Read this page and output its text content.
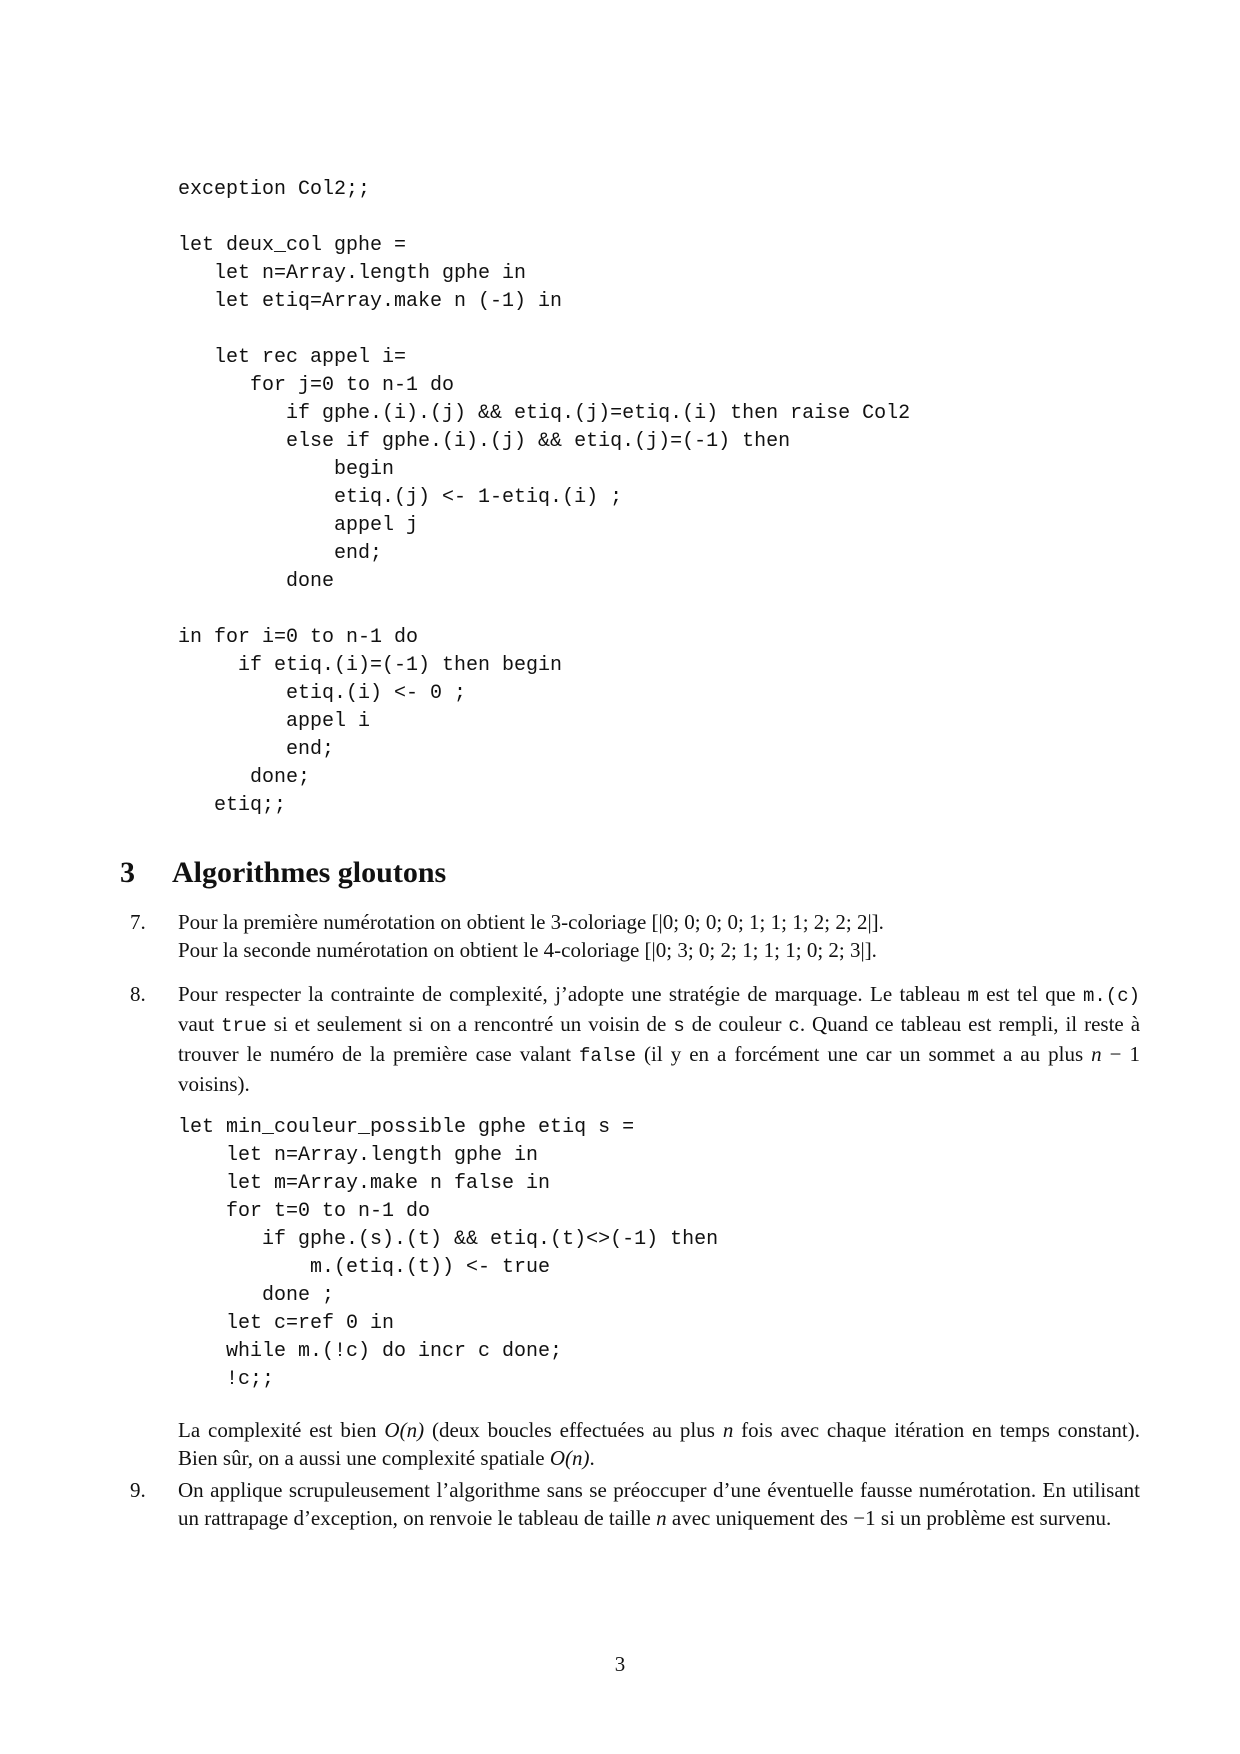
exception Col2;;

let deux_col gphe =
let n=Array.length gphe in
let etiq=Array.make n (-1) in

let rec appel i=
for j=0 to n-1 do
if gphe.(i).(j) && etiq.(j)=etiq.(i) then raise Col2
else if gphe.(i).(j) && etiq.(j)=(-1) then
begin
etiq.(j) <- 1-etiq.(i) ;
appel j
end;
done

in for i=0 to n-1 do
if etiq.(i)=(-1) then begin
etiq.(i) <- 0 ;
appel i
end;
done;
etiq;;
3 Algorithmes gloutons
7. Pour la première numérotation on obtient le 3-coloriage [|0; 0; 0; 0; 1; 1; 1; 2; 2; 2|].

Pour la seconde numérotation on obtient le 4-coloriage [|0; 3; 0; 2; 1; 1; 1; 0; 2; 3|].

8. Pour respecter la contrainte de complexité, j’adopte une stratégie de marquage. Le tableau m est tel que m.(c) vaut true si et seulement si on a rencontré un voisin de s de couleur c. Quand ce tableau est rempli, il reste à trouver le numéro de la première case valant false (il y en a forcément une car un sommet a au plus n − 1 voisins).

let min_couleur_possible gphe etiq s =
let n=Array.length gphe in
let m=Array.make n false in
for t=0 to n-1 do
if gphe.(s).(t) && etiq.(t)<>(-1) then
m.(etiq.(t)) <- true
done ;
let c=ref 0 in
while m.(!c) do incr c done;
!c;;

La complexité est bien O(n) (deux boucles effectuées au plus n fois avec chaque itération en temps constant). Bien sûr, on a aussi une complexité spatiale O(n).

9. On applique scrupuleusement l’algorithme sans se préoccuper d’une éventuelle fausse numérotation. En utilisant un rattrapage d’exception, on renvoie le tableau de taille n avec uniquement des −1 si un problème est survenu.

3
